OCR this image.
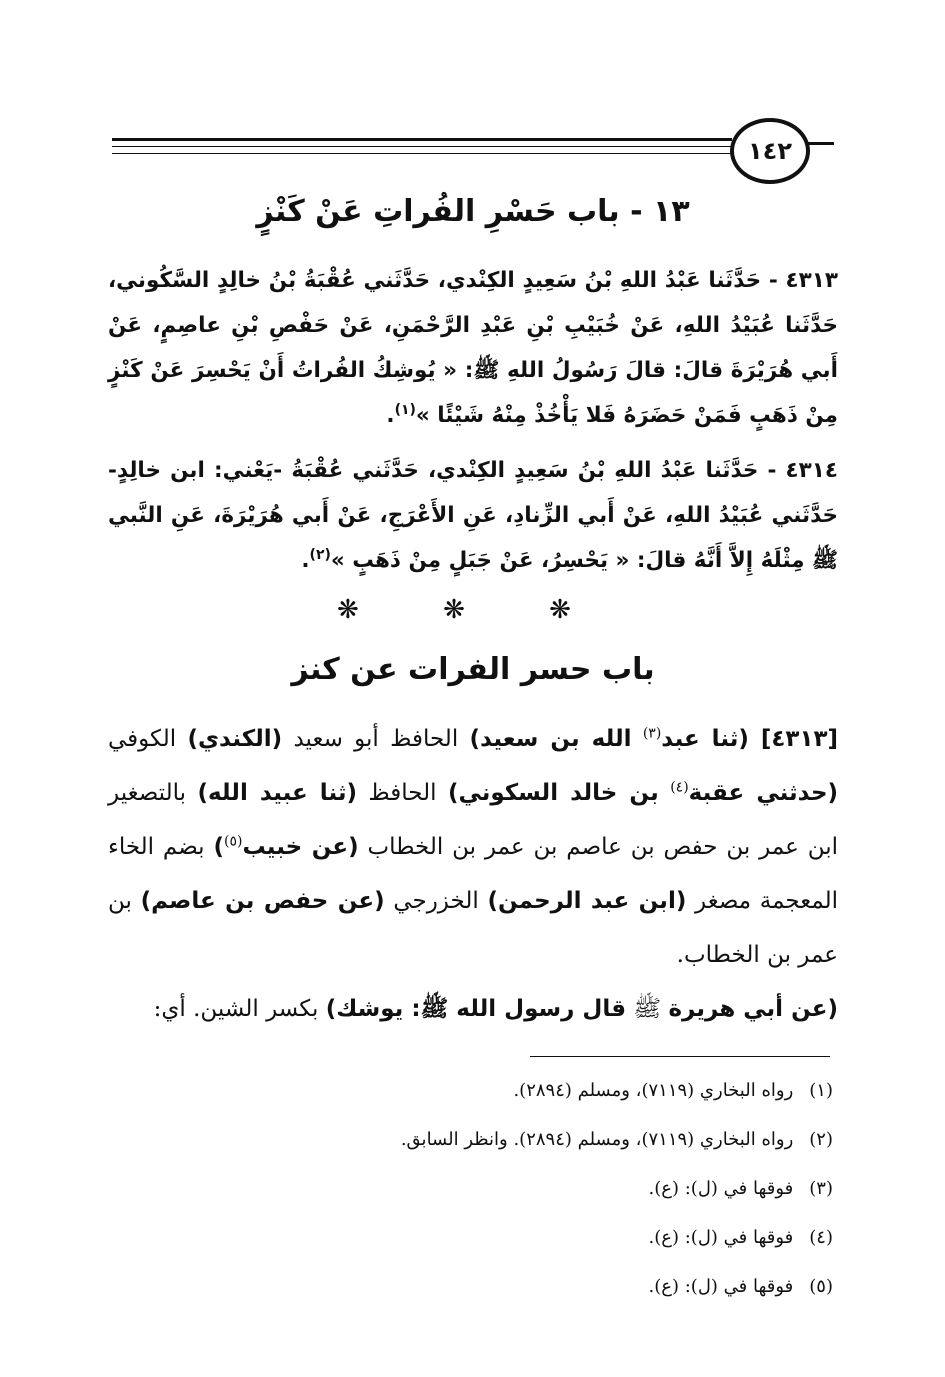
١٤٢
١٣ - باب حَسْرِ الفُراتِ عَنْ كَنْزٍ
٤٣١٣ - حَدَّثَنا عَبْدُ اللهِ بْنُ سَعِيدٍ الكِنْدي، حَدَّثَني عُقْبَةُ بْنُ خالِدٍ السَّكُوني، حَدَّثَنا عُبَيْدُ اللهِ، عَنْ خُبَيْبِ بْنِ عَبْدِ الرَّحْمَنِ، عَنْ حَفْصِ بْنِ عاصِمٍ، عَنْ أَبي هُرَيْرَةَ قالَ: قالَ رَسُولُ اللهِ ﷺ: « يُوشِكُ الفُراتُ أَنْ يَحْسِرَ عَنْ كَنْزٍ مِنْ ذَهَبٍ فَمَنْ حَضَرَهُ فَلا يَأْخُذْ مِنْهُ شَيْئًا »$^{(١)}$.
٤٣١٤ - حَدَّثَنا عَبْدُ اللهِ بْنُ سَعِيدٍ الكِنْدي، حَدَّثَني عُقْبَةُ -يَعْني: ابن خالِدٍ- حَدَّثَني عُبَيْدُ اللهِ، عَنْ أَبي الزِّنادِ، عَنِ الأَعْرَجِ، عَنْ أَبي هُرَيْرَةَ، عَنِ النَّبي ﷺ مِثْلَهُ إِلاَّ أَنَّهُ قالَ: « يَحْسِرُ، عَنْ جَبَلٍ مِنْ ذَهَبٍ »$^{(٢)}$.
❋ ❋ ❋
باب حسر الفرات عن كنز
[٤٣١٣] (ثنا عبد$^{(٣)}$ الله بن سعيد) الحافظ أبو سعيد (الكندي) الكوفي (حدثني عقبة$^{(٤)}$ بن خالد السكوني) الحافظ (ثنا عبيد الله) بالتصغير ابن عمر بن حفص بن عاصم بن عمر بن الخطاب (عن خبيب$^{(٥)}$) بضم الخاء المعجمة مصغر (ابن عبد الرحمن) الخزرجي (عن حفص بن عاصم) بن عمر بن الخطاب.
(عن أبي هريرة ﷺ قال رسول الله ﷺ: يوشك) بكسر الشين. أي:
(١)رواه البخاري (٧١١٩)، ومسلم (٢٨٩٤).
(٢)رواه البخاري (٧١١٩)، ومسلم (٢٨٩٤). وانظر السابق.
(٣)فوقها في (ل): (ع).
(٤)فوقها في (ل): (ع).
(٥)فوقها في (ل): (ع).
